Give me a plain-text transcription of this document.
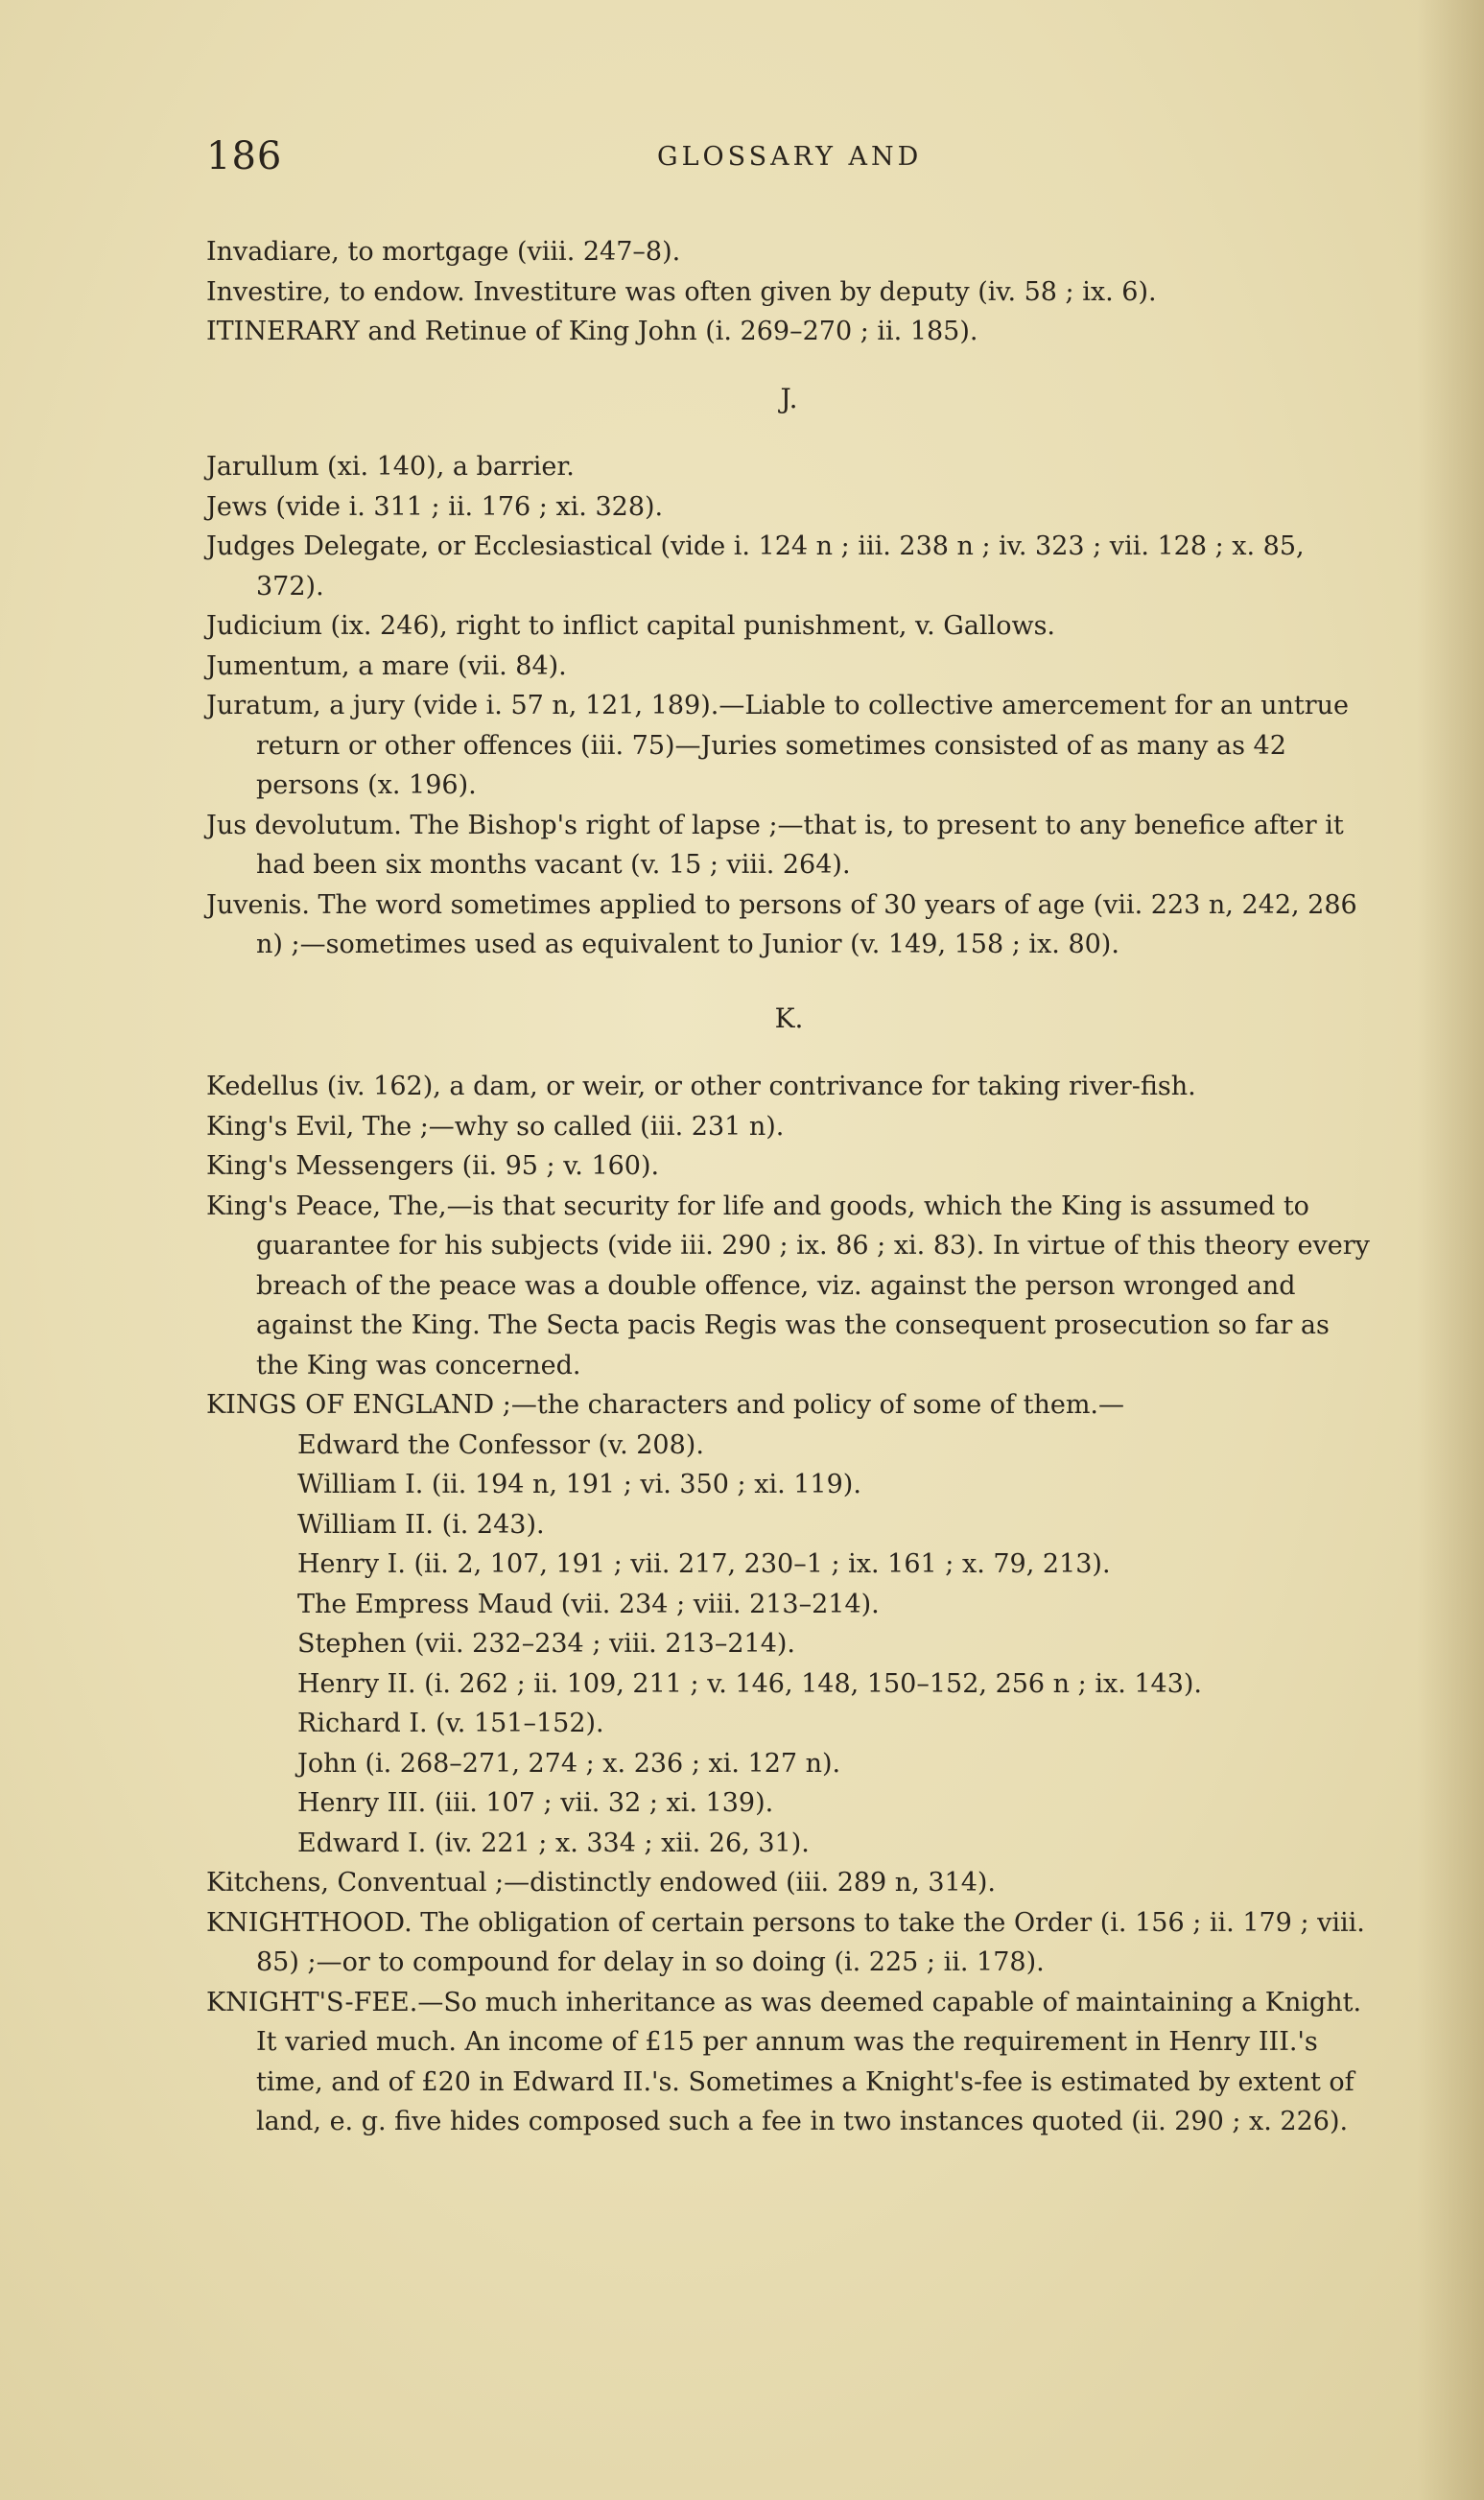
186	GLOSSARY AND

Invadiare, to mortgage (viii. 247–8).

Investire, to endow. Investiture was often given by deputy (iv. 58 ; ix. 6).

ITINERARY and Retinue of King John (i. 269–270 ; ii. 185).

J.

Jarullum (xi. 140), a barrier.

Jews (vide i. 311 ; ii. 176 ; xi. 328).

Judges Delegate, or Ecclesiastical (vide i. 124 n ; iii. 238 n ; iv. 323 ; vii. 128 ; x. 85, 372).

Judicium (ix. 246), right to inflict capital punishment, v. Gallows.

Jumentum, a mare (vii. 84).

Juratum, a jury (vide i. 57 n, 121, 189).—Liable to collective amercement for an untrue return or other offences (iii. 75)—Juries sometimes consisted of as many as 42 persons (x. 196).

Jus devolutum. The Bishop's right of lapse ;—that is, to present to any benefice after it had been six months vacant (v. 15 ; viii. 264).

Juvenis. The word sometimes applied to persons of 30 years of age (vii. 223 n, 242, 286 n) ;—sometimes used as equivalent to Junior (v. 149, 158 ; ix. 80).

K.

Kedellus (iv. 162), a dam, or weir, or other contrivance for taking river-fish.

King's Evil, The ;—why so called (iii. 231 n).

King's Messengers (ii. 95 ; v. 160).

King's Peace, The,—is that security for life and goods, which the King is assumed to guarantee for his subjects (vide iii. 290 ; ix. 86 ; xi. 83). In virtue of this theory every breach of the peace was a double offence, viz. against the person wronged and against the King. The Secta pacis Regis was the consequent prosecution so far as the King was concerned.

KINGS OF ENGLAND ;—the characters and policy of some of them.—

Edward the Confessor (v. 208).

William I. (ii. 194 n, 191 ; vi. 350 ; xi. 119).

William II. (i. 243).

Henry I. (ii. 2, 107, 191 ; vii. 217, 230–1 ; ix. 161 ; x. 79, 213).

The Empress Maud (vii. 234 ; viii. 213–214).

Stephen (vii. 232–234 ; viii. 213–214).

Henry II. (i. 262 ; ii. 109, 211 ; v. 146, 148, 150–152, 256 n ; ix. 143).

Richard I. (v. 151–152).

John (i. 268–271, 274 ; x. 236 ; xi. 127 n).

Henry III. (iii. 107 ; vii. 32 ; xi. 139).

Edward I. (iv. 221 ; x. 334 ; xii. 26, 31).

Kitchens, Conventual ;—distinctly endowed (iii. 289 n, 314).

KNIGHTHOOD. The obligation of certain persons to take the Order (i. 156 ; ii. 179 ; viii. 85) ;—or to compound for delay in so doing (i. 225 ; ii. 178).

KNIGHT'S-FEE.—So much inheritance as was deemed capable of maintaining a Knight. It varied much. An income of £15 per annum was the requirement in Henry III.'s time, and of £20 in Edward II.'s. Sometimes a Knight's-fee is estimated by extent of land, e. g. five hides composed such a fee in two instances quoted (ii. 290 ; x. 226).
